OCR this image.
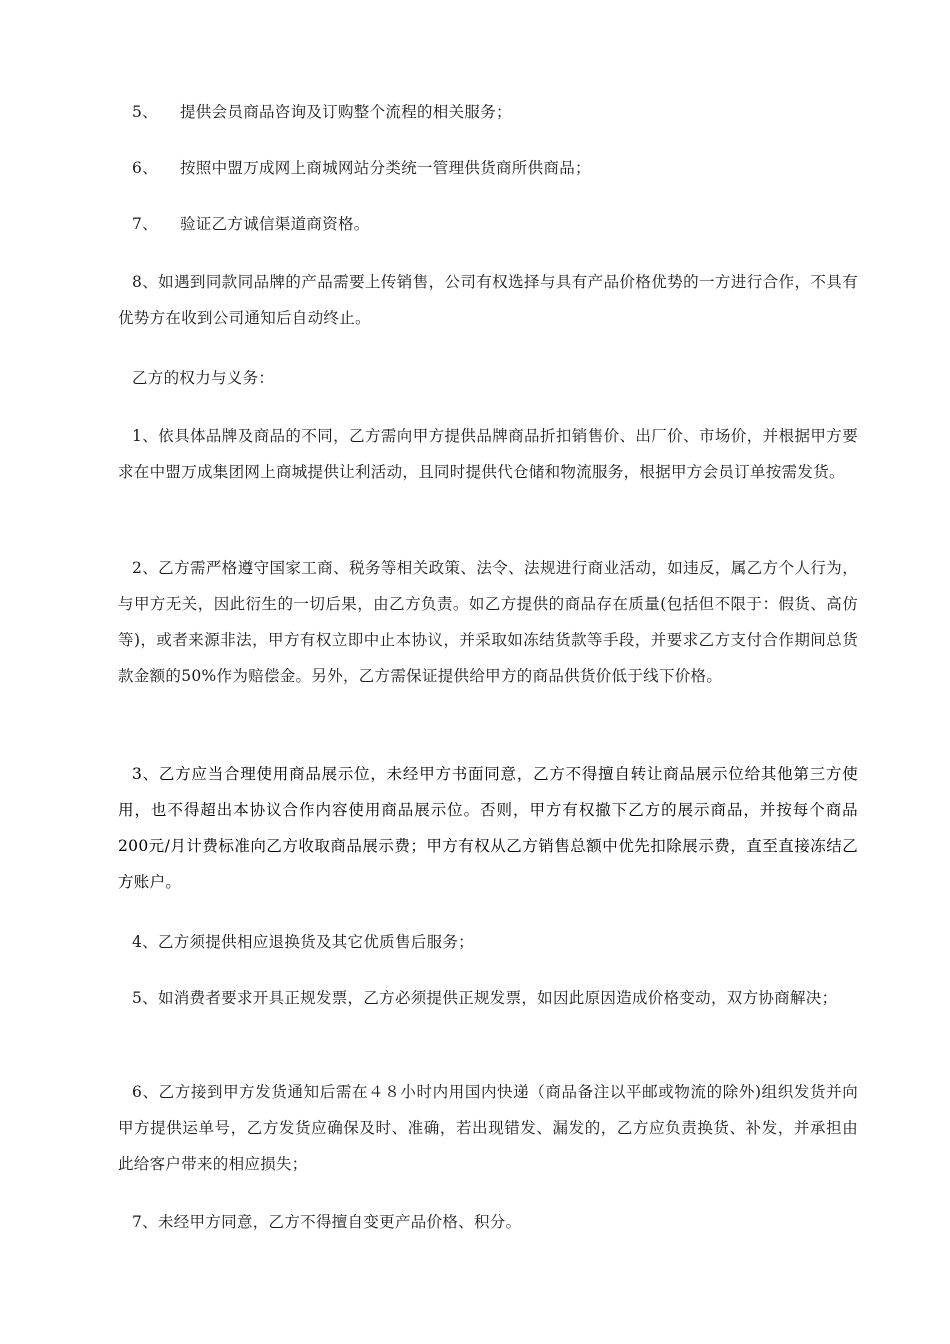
5、 提供会员商品咨询及订购整个流程的相关服务；

6、 按照中盟万成网上商城网站分类统一管理供货商所供商品；

7、 验证乙方诚信渠道商资格。

8、如遇到同款同品牌的产品需要上传销售，公司有权选择与具有产品价格优势的一方进行合作，不具有优势方在收到公司通知后自动终止。

乙方的权力与义务：

1、依具体品牌及商品的不同，乙方需向甲方提供品牌商品折扣销售价、出厂价、市场价，并根据甲方要求在中盟万成集团网上商城提供让利活动，且同时提供代仓储和物流服务，根据甲方会员订单按需发货。

2、乙方需严格遵守国家工商、税务等相关政策、法令、法规进行商业活动，如违反，属乙方个人行为，与甲方无关，因此衍生的一切后果，由乙方负责。如乙方提供的商品存在质量(包括但不限于：假货、高仿等)，或者来源非法，甲方有权立即中止本协议，并采取如冻结货款等手段，并要求乙方支付合作期间总货款金额的50%作为赔偿金。另外，乙方需保证提供给甲方的商品供货价低于线下价格。

3、乙方应当合理使用商品展示位，未经甲方书面同意，乙方不得擅自转让商品展示位给其他第三方使用，也不得超出本协议合作内容使用商品展示位。否则，甲方有权撤下乙方的展示商品，并按每个商品200元/月计费标准向乙方收取商品展示费；甲方有权从乙方销售总额中优先扣除展示费，直至直接冻结乙方账户。

4、乙方须提供相应退换货及其它优质售后服务；

5、如消费者要求开具正规发票，乙方必须提供正规发票，如因此原因造成价格变动，双方协商解决；

6、乙方接到甲方发货通知后需在４８小时内用国内快递（商品备注以平邮或物流的除外)组织发货并向甲方提供运单号，乙方发货应确保及时、准确，若出现错发、漏发的，乙方应负责换货、补发，并承担由此给客户带来的相应损失；

7、未经甲方同意，乙方不得擅自变更产品价格、积分。
